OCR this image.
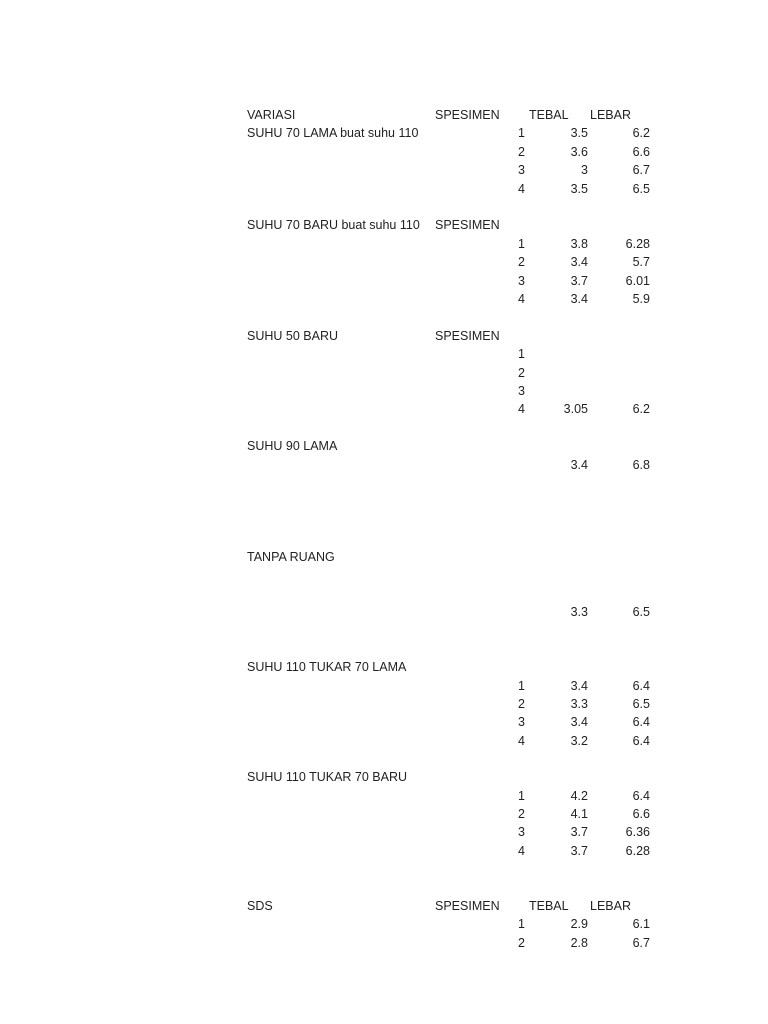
VARIASI	SPESIMEN TEBAL LEBAR
SUHU 70 LAMA buat suhu 110	1	3.5	6.2
2	3.6	6.6
3	3	6.7
4	3.5	6.5
SUHU 70 BARU buat suhu 110 SPESIMEN
1	3.8	6.28
2	3.4	5.7
3	3.7	6.01
4	3.4	5.9
SUHU 50 BARU	SPESIMEN
1
2
3
4	3.05	6.2
SUHU 90 LAMA
3.4	6.8
TANPA RUANG
3.3	6.5
SUHU 110 TUKAR 70 LAMA
1	3.4	6.4
2	3.3	6.5
3	3.4	6.4
4	3.2	6.4
SUHU 110 TUKAR 70 BARU
1	4.2	6.4
2	4.1	6.6
3	3.7	6.36
4	3.7	6.28
SDS	SPESIMEN TEBAL LEBAR
1	2.9	6.1
2	2.8	6.7
